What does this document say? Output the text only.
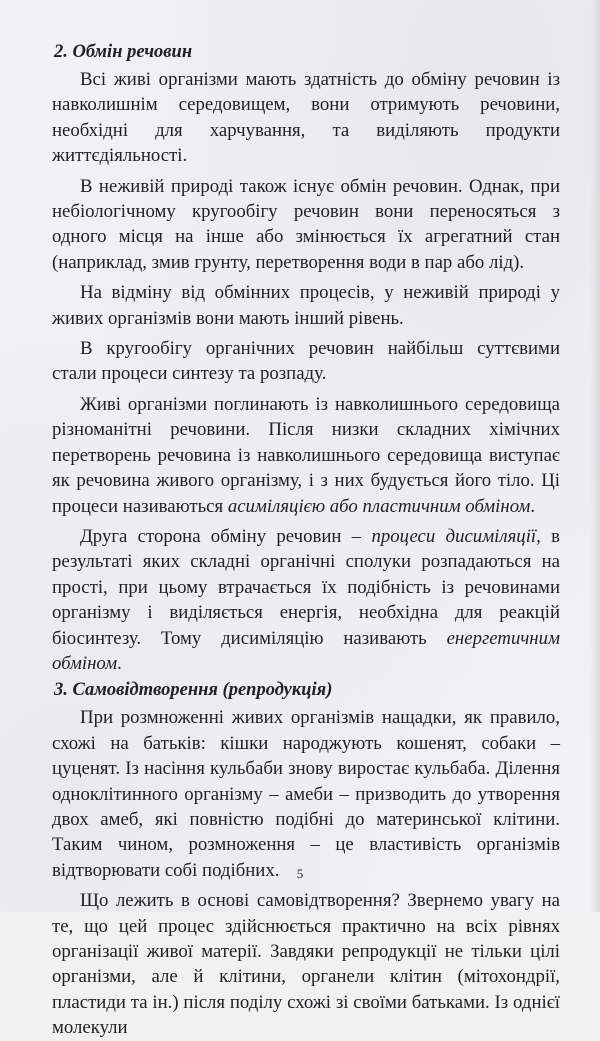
2. Обмін речовин

Всі живі організми мають здатність до обміну речовин із навколишнім середовищем, вони отримують речовини, необхідні для харчування, та виділяють продукти життєдіяльності.

В неживій природі також існує обмін речовин. Однак, при небіологічному кругообігу речовин вони переносяться з одного місця на інше або змінюється їх агрегатний стан (наприклад, змив грунту, перетворення води в пар або лід).

На відміну від обмінних процесів, у неживій природі у живих організмів вони мають інший рівень.

В кругообігу органічних речовин найбільш суттєвими стали процеси синтезу та розпаду.

Живі організми поглинають із навколишнього середовища різноманітні речовини. Після низки складних хімічних перетворень речовина із навколишнього середовища виступає як речовина живого організму, і з них будується його тіло. Ці процеси називаються асиміляцією або пластичним обміном.

Друга сторона обміну речовин – процеси дисиміляції, в результаті яких складні органічні сполуки розпадаються на прості, при цьому втрачається їх подібність із речовинами організму і виділяється енергія, необхідна для реакцій біосинтезу. Тому дисиміляцію називають енергетичним обміном.

3. Самовідтворення (репродукція)

При розмноженні живих організмів нащадки, як правило, схожі на батьків: кішки народжують кошенят, собаки – цуценят. Із насіння кульбаби знову виростає кульбаба. Ділення одноклітинного організму – амеби – призводить до утворення двох амеб, які повністю подібні до материнської клітини. Таким чином, розмноження – це властивість організмів відтворювати собі подібних.

Що лежить в основі самовідтворення? Звернемо увагу на те, що цей процес здійснюється практично на всіх рівнях організації живої матерії. Завдяки репродукції не тільки цілі організми, але й клітини, органели клітин (мітохондрії, пластиди та ін.) після поділу схожі зі своїми батьками. Із однієї молекули

5
